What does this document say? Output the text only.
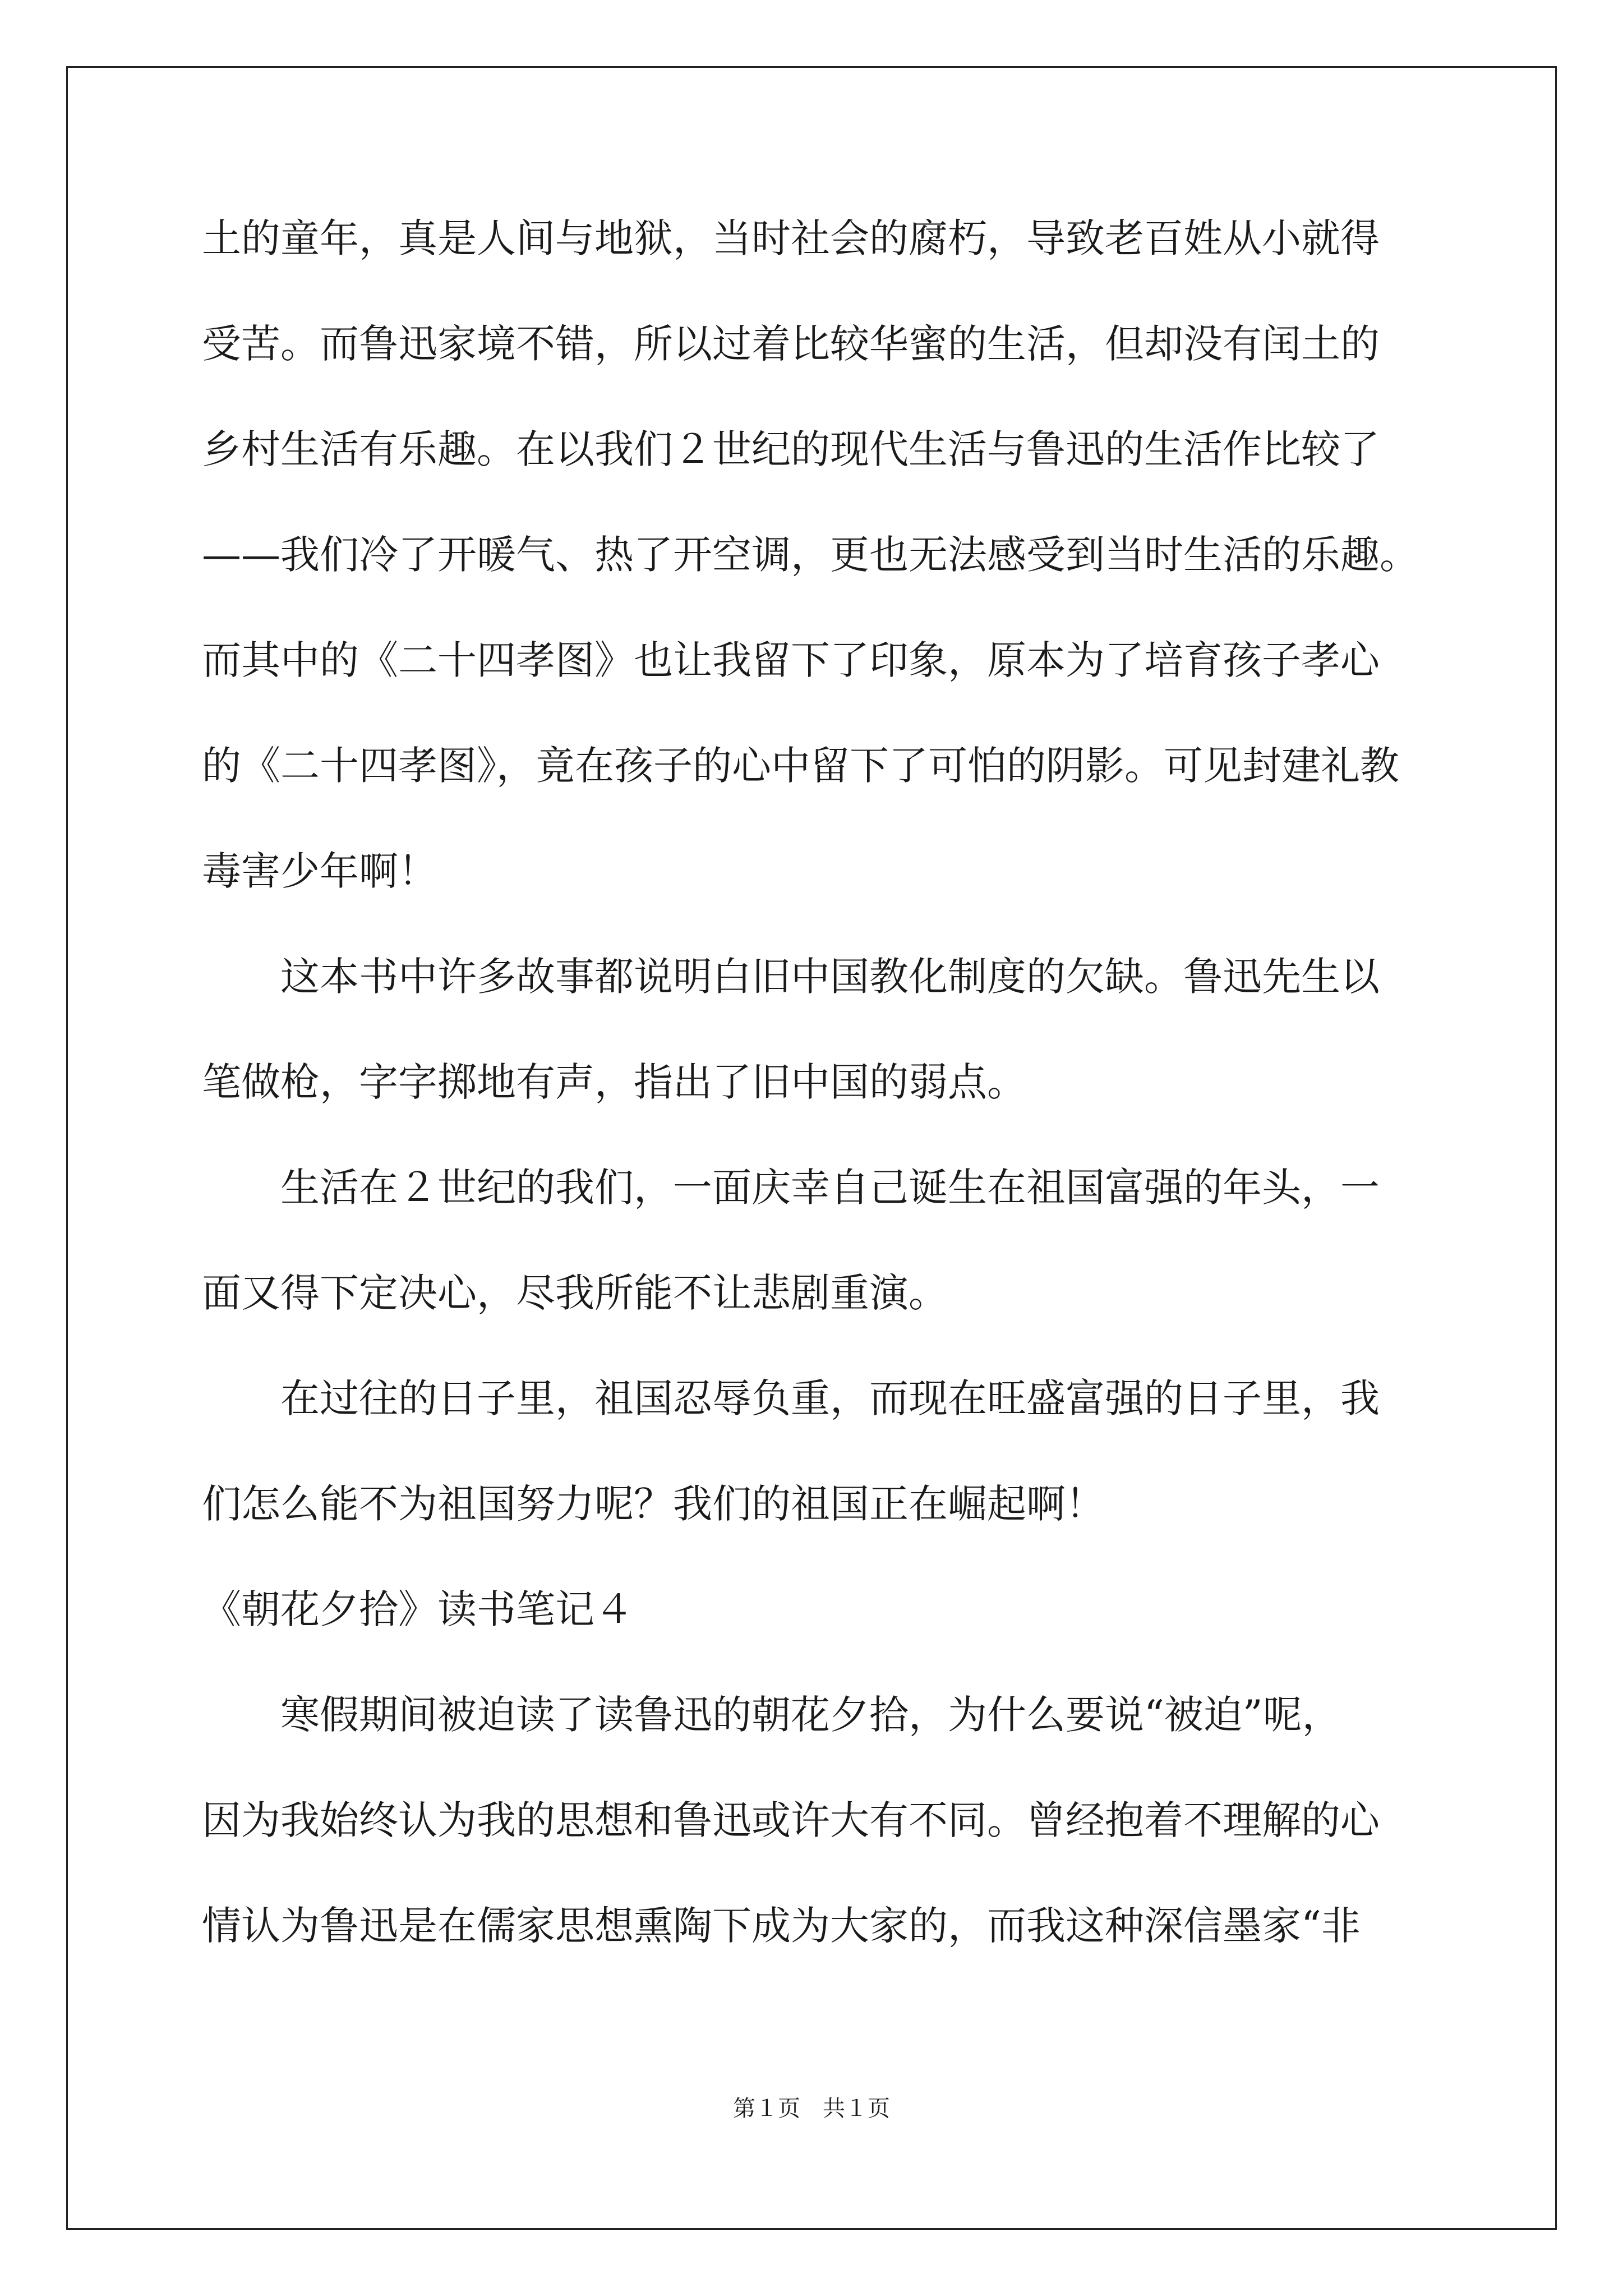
土的童年，真是人间与地狱，当时社会的腐朽，导致老百姓从小就得
受苦。而鲁迅家境不错，所以过着比较华蜜的生活，但却没有闰土的
乡村生活有乐趣。在以我们２世纪的现代生活与鲁迅的生活作比较了
——我们冷了开暖气、热了开空调，更也无法感受到当时生活的乐趣。
而其中的《二十四孝图》也让我留下了印象，原本为了培育孩子孝心
的《二十四孝图》，竟在孩子的心中留下了可怕的阴影。可见封建礼教
毒害少年啊！
　　这本书中许多故事都说明白旧中国教化制度的欠缺。鲁迅先生以
笔做枪，字字掷地有声，指出了旧中国的弱点。
　　生活在２世纪的我们，一面庆幸自己诞生在祖国富强的年头，一
面又得下定决心，尽我所能不让悲剧重演。
　　在过往的日子里，祖国忍辱负重，而现在旺盛富强的日子里，我
们怎么能不为祖国努力呢？我们的祖国正在崛起啊！
《朝花夕拾》读书笔记４
　　寒假期间被迫读了读鲁迅的朝花夕拾，为什么要说“被迫”呢，
因为我始终认为我的思想和鲁迅或许大有不同。曾经抱着不理解的心
情认为鲁迅是在儒家思想熏陶下成为大家的，而我这种深信墨家“非
第１页　共１页
